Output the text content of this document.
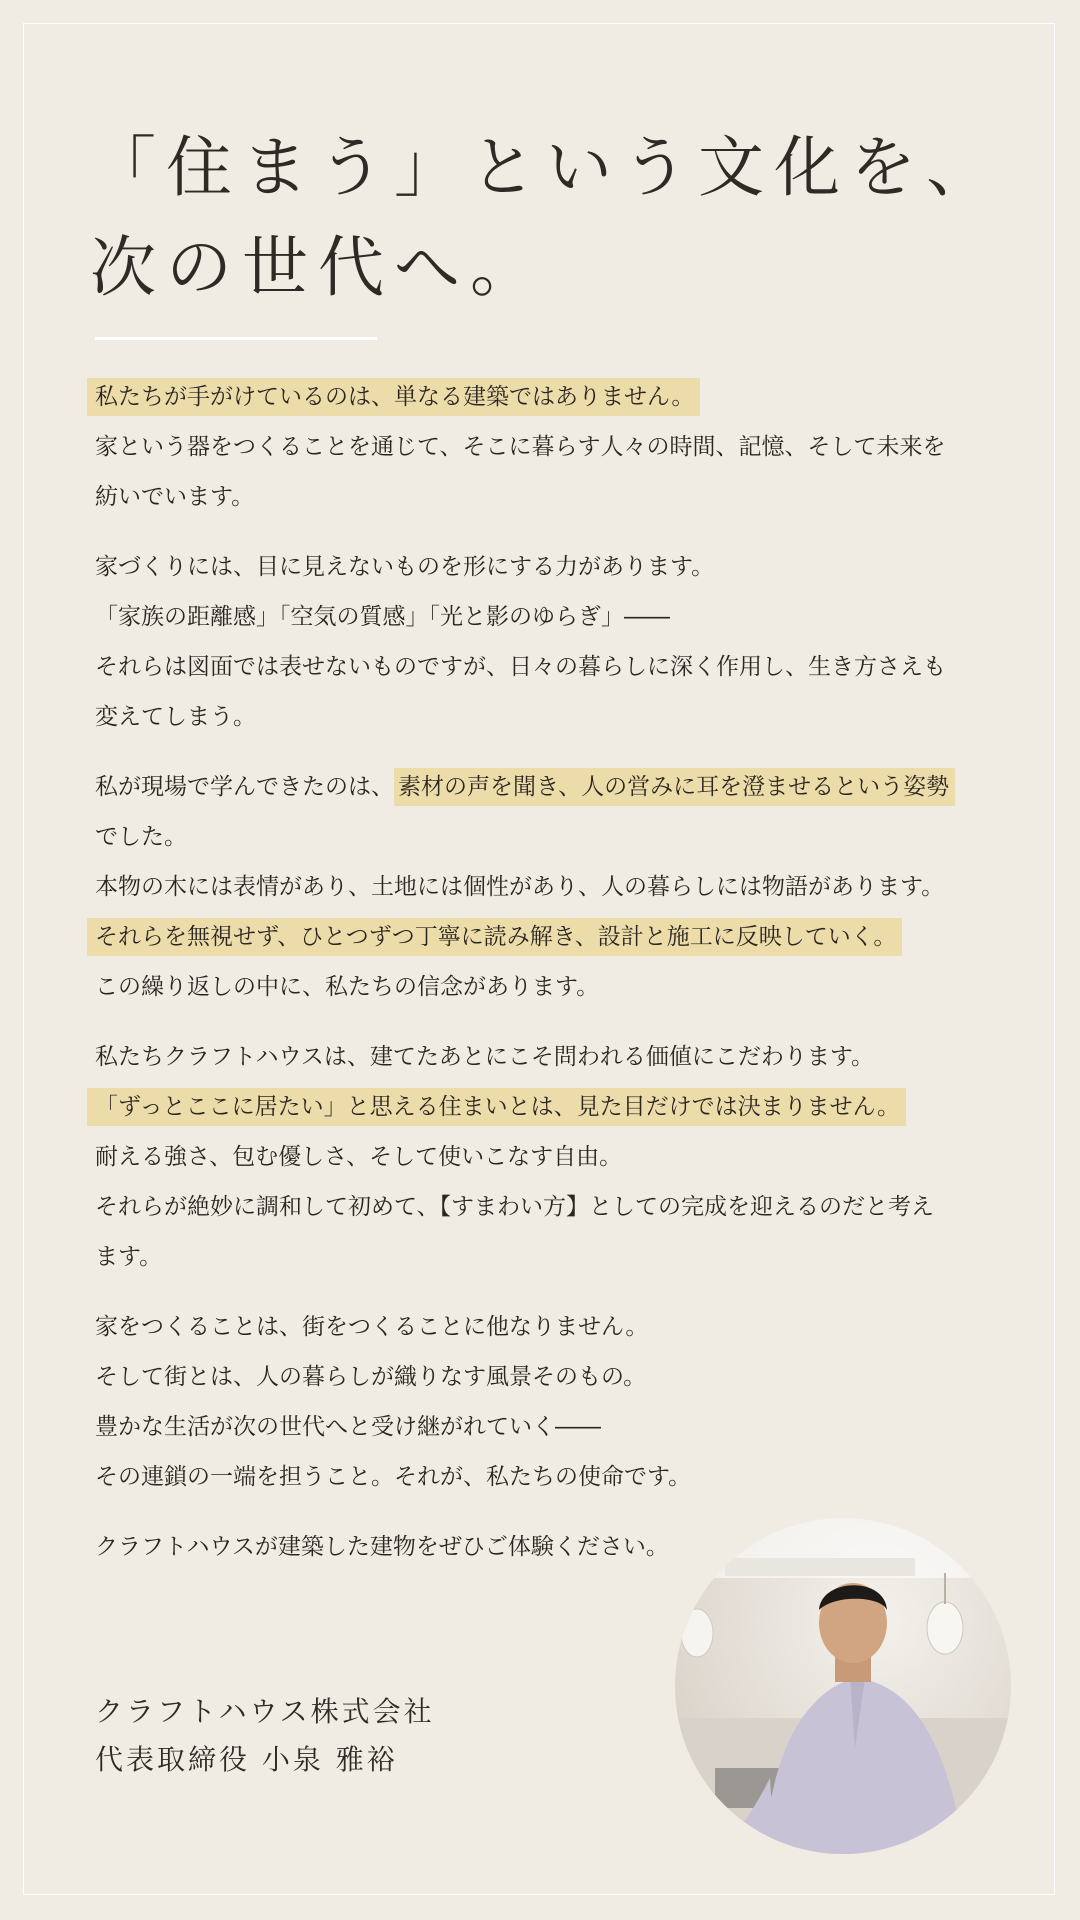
「住まう」という文化を、
次の世代へ。
私たちが手がけているのは、単なる建築ではありません。
家という器をつくることを通じて、そこに暮らす人々の時間、記憶、そして未来を
紡いでいます。
家づくりには、目に見えないものを形にする力があります。
「家族の距離感」「空気の質感」「光と影のゆらぎ」――
それらは図面では表せないものですが、日々の暮らしに深く作用し、生き方さえも
変えてしまう。
私が現場で学んできたのは、 素材の声を聞き、人の営みに耳を澄ませるという姿勢
でした。
本物の木には表情があり、土地には個性があり、人の暮らしには物語があります。
それらを無視せず、ひとつずつ丁寧に読み解き、設計と施工に反映していく。
この繰り返しの中に、私たちの信念があります。
私たちクラフトハウスは、建てたあとにこそ問われる価値にこだわります。
「ずっとここに居たい」と思える住まいとは、見た目だけでは決まりません。
耐える強さ、包む優しさ、そして使いこなす自由。
それらが絶妙に調和して初めて、【すまわい方】としての完成を迎えるのだと考え
ます。
家をつくることは、街をつくることに他なりません。
そして街とは、人の暮らしが織りなす風景そのもの。
豊かな生活が次の世代へと受け継がれていく――
その連鎖の一端を担うこと。それが、私たちの使命です。
クラフトハウスが建築した建物をぜひご体験ください。
クラフトハウス株式会社
代表取締役 小泉 雅裕
